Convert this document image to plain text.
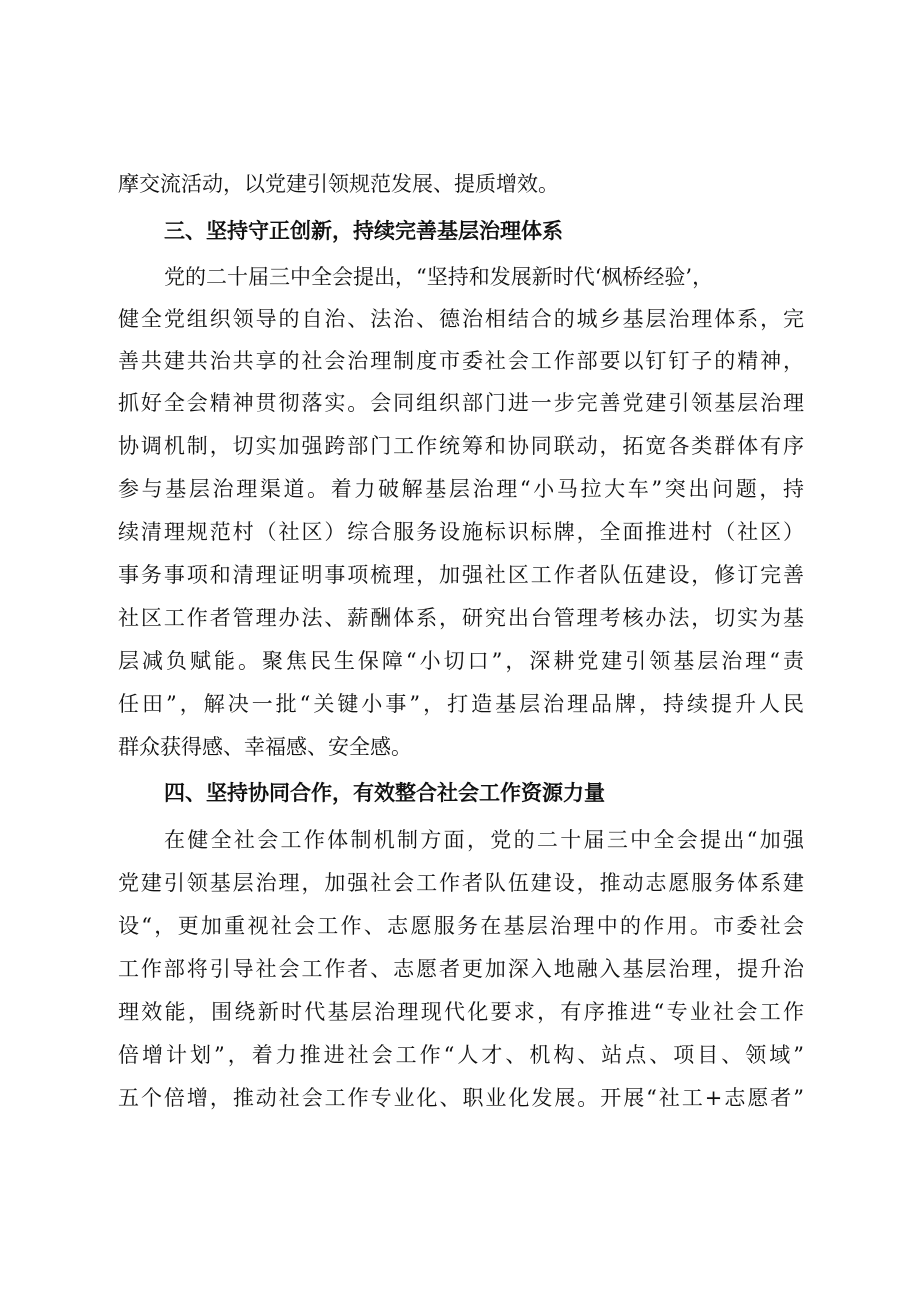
摩交流活动，以党建引领规范发展、提质增效。
三、坚持守正创新，持续完善基层治理体系
党的二十届三中全会提出，“坚持和发展新时代‘枫桥经验’，
健全党组织领导的自治、法治、德治相结合的城乡基层治理体系，完
善共建共治共享的社会治理制度市委社会工作部要以钉钉子的精神，
抓好全会精神贯彻落实。会同组织部门进一步完善党建引领基层治理
协调机制，切实加强跨部门工作统筹和协同联动，拓宽各类群体有序
参与基层治理渠道。着力破解基层治理“小马拉大车”突出问题，持
续清理规范村（社区）综合服务设施标识标牌，全面推进村（社区）
事务事项和清理证明事项梳理，加强社区工作者队伍建设，修订完善
社区工作者管理办法、薪酬体系，研究出台管理考核办法，切实为基
层减负赋能。聚焦民生保障“小切口”，深耕党建引领基层治理“责
任田”，解决一批“关键小事”，打造基层治理品牌，持续提升人民
群众获得感、幸福感、安全感。
四、坚持协同合作，有效整合社会工作资源力量
在健全社会工作体制机制方面，党的二十届三中全会提出“加强
党建引领基层治理，加强社会工作者队伍建设，推动志愿服务体系建
设“，更加重视社会工作、志愿服务在基层治理中的作用。市委社会
工作部将引导社会工作者、志愿者更加深入地融入基层治理，提升治
理效能，围绕新时代基层治理现代化要求，有序推进“专业社会工作
倍增计划”，着力推进社会工作“人才、机构、站点、项目、领域”
五个倍增，推动社会工作专业化、职业化发展。开展“社工+志愿者”
